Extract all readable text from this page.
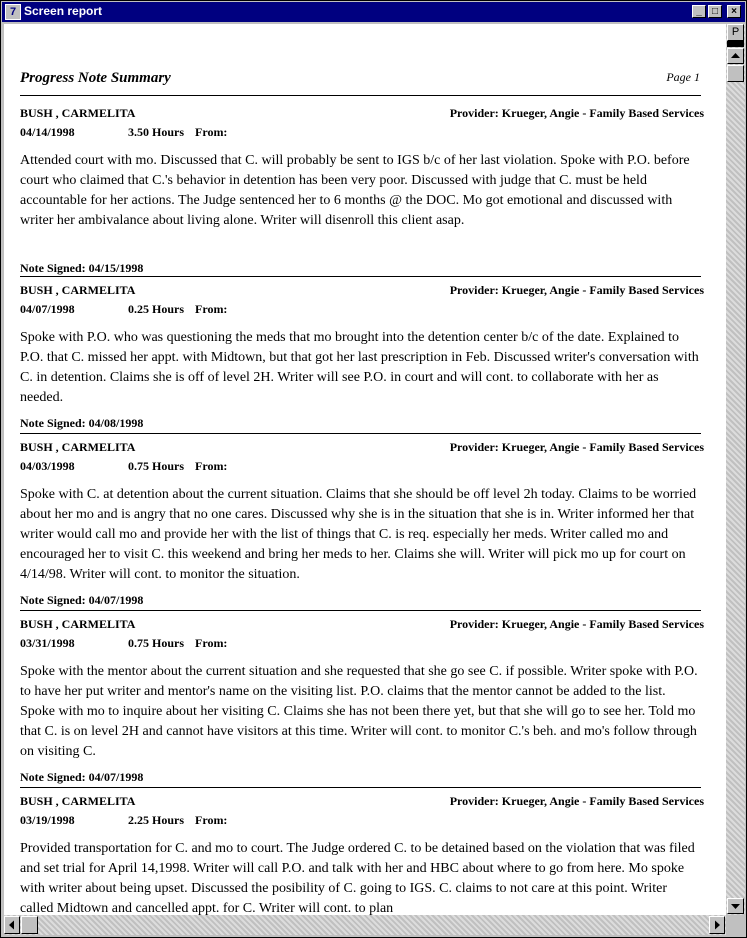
7 Screen report	_	□	×
Progress Note Summary	Page 1
BUSH , CARMELITA	Provider: Krueger, Angie - Family Based Services
04/14/1998	3.50 Hours From:

Attended court with mo. Discussed that C. will probably be sent to IGS b/c of her last violation. Spoke with P.O. before court who claimed that C.'s behavior in detention has been very poor. Discussed with judge that C. must be held accountable for her actions. The Judge sentenced her to 6 months @ the DOC. Mo got emotional and discussed with writer her ambivalance about living alone. Writer will disenroll this client asap.

Note Signed: 04/15/1998
BUSH , CARMELITA	Provider: Krueger, Angie - Family Based Services
04/07/1998	0.25 Hours From:

Spoke with P.O. who was questioning the meds that mo brought into the detention center b/c of the date. Explained to P.O. that C. missed her appt. with Midtown, but that got her last prescription in Feb. Discussed writer's conversation with C. in detention. Claims she is off of level 2H. Writer will see P.O. in court and will cont. to collaborate with her as needed.

Note Signed: 04/08/1998
BUSH , CARMELITA	Provider: Krueger, Angie - Family Based Services
04/03/1998	0.75 Hours From:

Spoke with C. at detention about the current situation. Claims that she should be off level 2h today. Claims to be worried about her mo and is angry that no one cares. Discussed why she is in the situation that she is in. Writer informed her that writer would call mo and provide her with the list of things that C. is req. especially her meds. Writer called mo and encouraged her to visit C. this weekend and bring her meds to her. Claims she will. Writer will pick mo up for court on 4/14/98. Writer will cont. to monitor the situation.

Note Signed: 04/07/1998
BUSH , CARMELITA	Provider: Krueger, Angie - Family Based Services
03/31/1998	0.75 Hours From:

Spoke with the mentor about the current situation and she requested that she go see C. if possible. Writer spoke with P.O. to have her put writer and mentor's name on the visiting list. P.O. claims that the mentor cannot be added to the list. Spoke with mo to inquire about her visiting C. Claims she has not been there yet, but that she will go to see her. Told mo that C. is on level 2H and cannot have visitors at this time. Writer will cont. to monitor C.'s beh. and mo's follow through on visiting C.

Note Signed: 04/07/1998
BUSH , CARMELITA	Provider: Krueger, Angie - Family Based Services
03/19/1998	2.25 Hours From:

Provided transportation for C. and mo to court. The Judge ordered C. to be detained based on the violation that was filed and set trial for April 14,1998. Writer will call P.O. and talk with her and HBC about where to go from here. Mo spoke with writer about being upset. Discussed the posibility of C. going to IGS. C. claims to not care at this point. Writer called Midtown and cancelled appt. for C. Writer will cont. to plan

P
